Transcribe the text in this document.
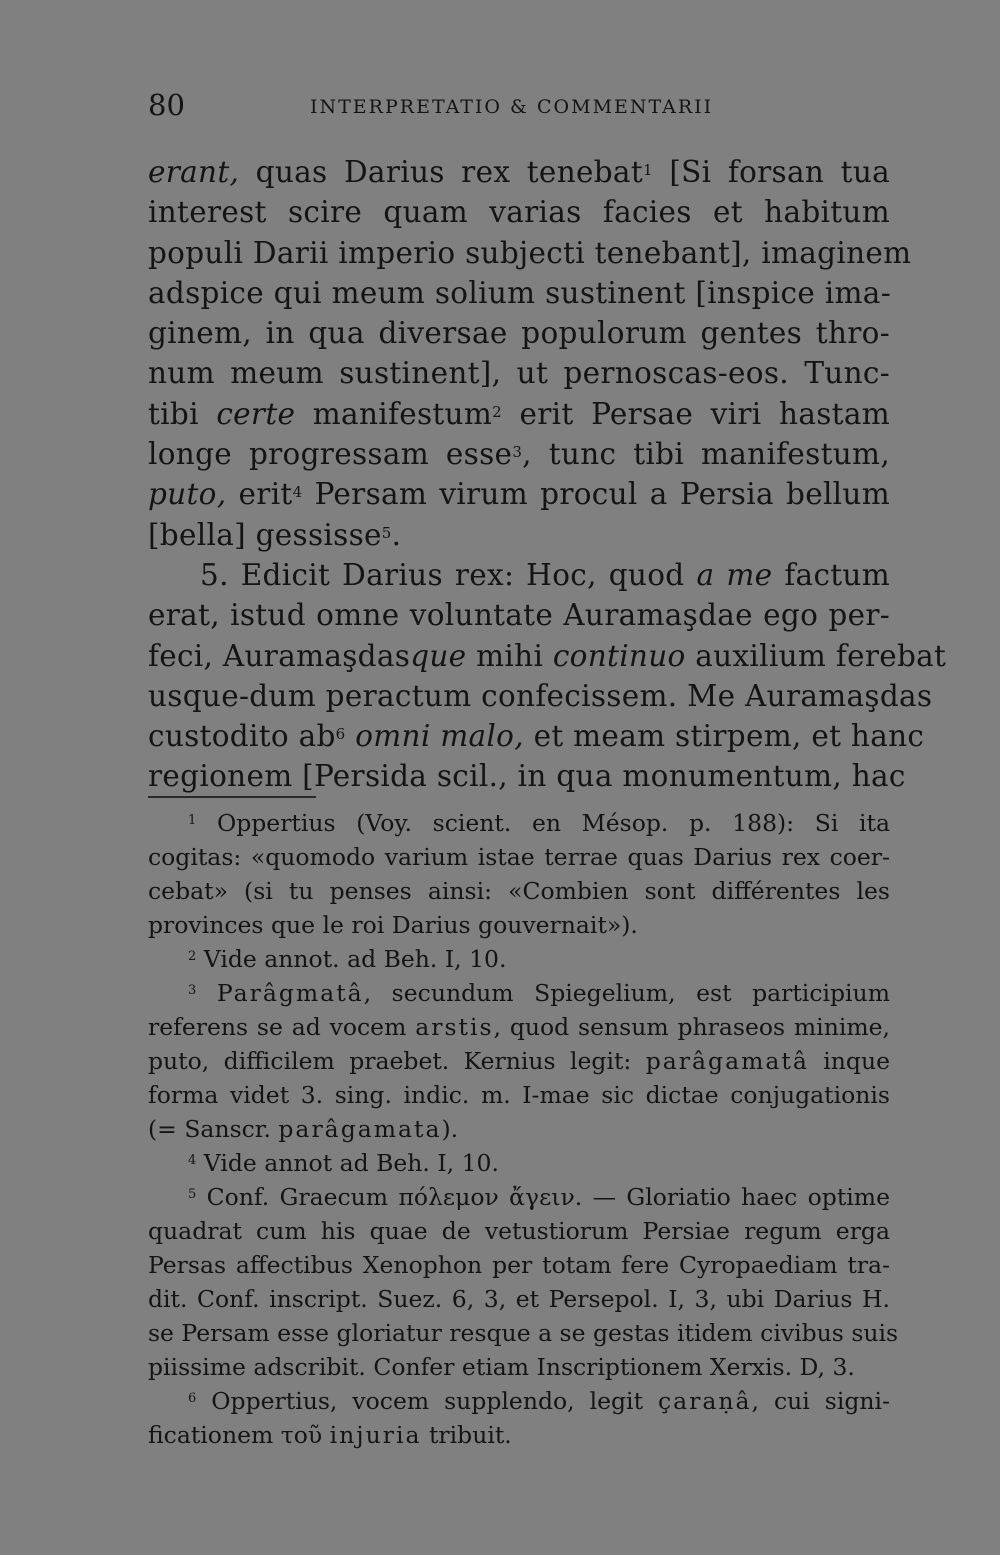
80	INTERPRETATIO & COMMENTARII
erant, quas Darius rex tenebat$^1$ [Si forsan tua
interest scire quam varias facies et habitum
populi Darii imperio subjecti tenebant], imaginem
adspice qui meum solium sustinent [inspice ima-
ginem, in qua diversae populorum gentes thro-
num meum sustinent], ut pernoscas-eos. Tunc-
tibi certe manifestum$^2$ erit Persae viri hastam
longe progressam esse$^3$, tunc tibi manifestum,
puto, erit$^4$ Persam virum procul a Persia bellum
[bella] gessisse$^5$.
5. Edicit Darius rex: Hoc, quod a me factum
erat, istud omne voluntate Auramaşdae ego per-
feci, Auramaşdasque mihi continuo auxilium ferebat
usque-dum peractum confecissem. Me Auramaşdas
custodito $ab^6$ omni malo, et meam stirpem, et hanc
regionem [Persida scil., in qua monumentum, hac
$^1$ Oppertius (Voy. scient. en Mésop. p. 188): Si ita
cogitas: «quomodo varium istae terrae quas Darius rex coer-
cebat» (si tu penses ainsi: «Combien sont différentes les
provinces que le roi Darius gouvernait»).
$^2$ Vide annot. ad Beh. I, 10.
$^3$ Parâgmatâ, secundum Spiegelium, est participium
referens se ad vocem arstis, quod sensum phraseos minime,
puto, difficilem praebet. Kernius legit: parâgamatâ inque
forma videt 3. sing. indic. m. I-mae sic dictae conjugationis
(= Sanscr. parâgamata).
$^4$ Vide annot ad Beh. I, 10.
$^5$ Conf. Graecum πόλεμον ἄγειν. — Gloriatio haec optime
quadrat cum his quae de vetustiorum Persiae regum erga
Persas affectibus Xenophon per totam fere Cyropaediam tra-
dit. Conf. inscript. Suez. 6, 3, et Persepol. I, 3, ubi Darius H.
se Persam esse gloriatur resque a se gestas itidem civibus suis
piissime adscribit. Confer etiam Inscriptionem Xerxis. D, 3.
$^6$ Oppertius, vocem supplendo, legit çaraṇâ, cui signi-
ficationem τοῦ injuria tribuit.
